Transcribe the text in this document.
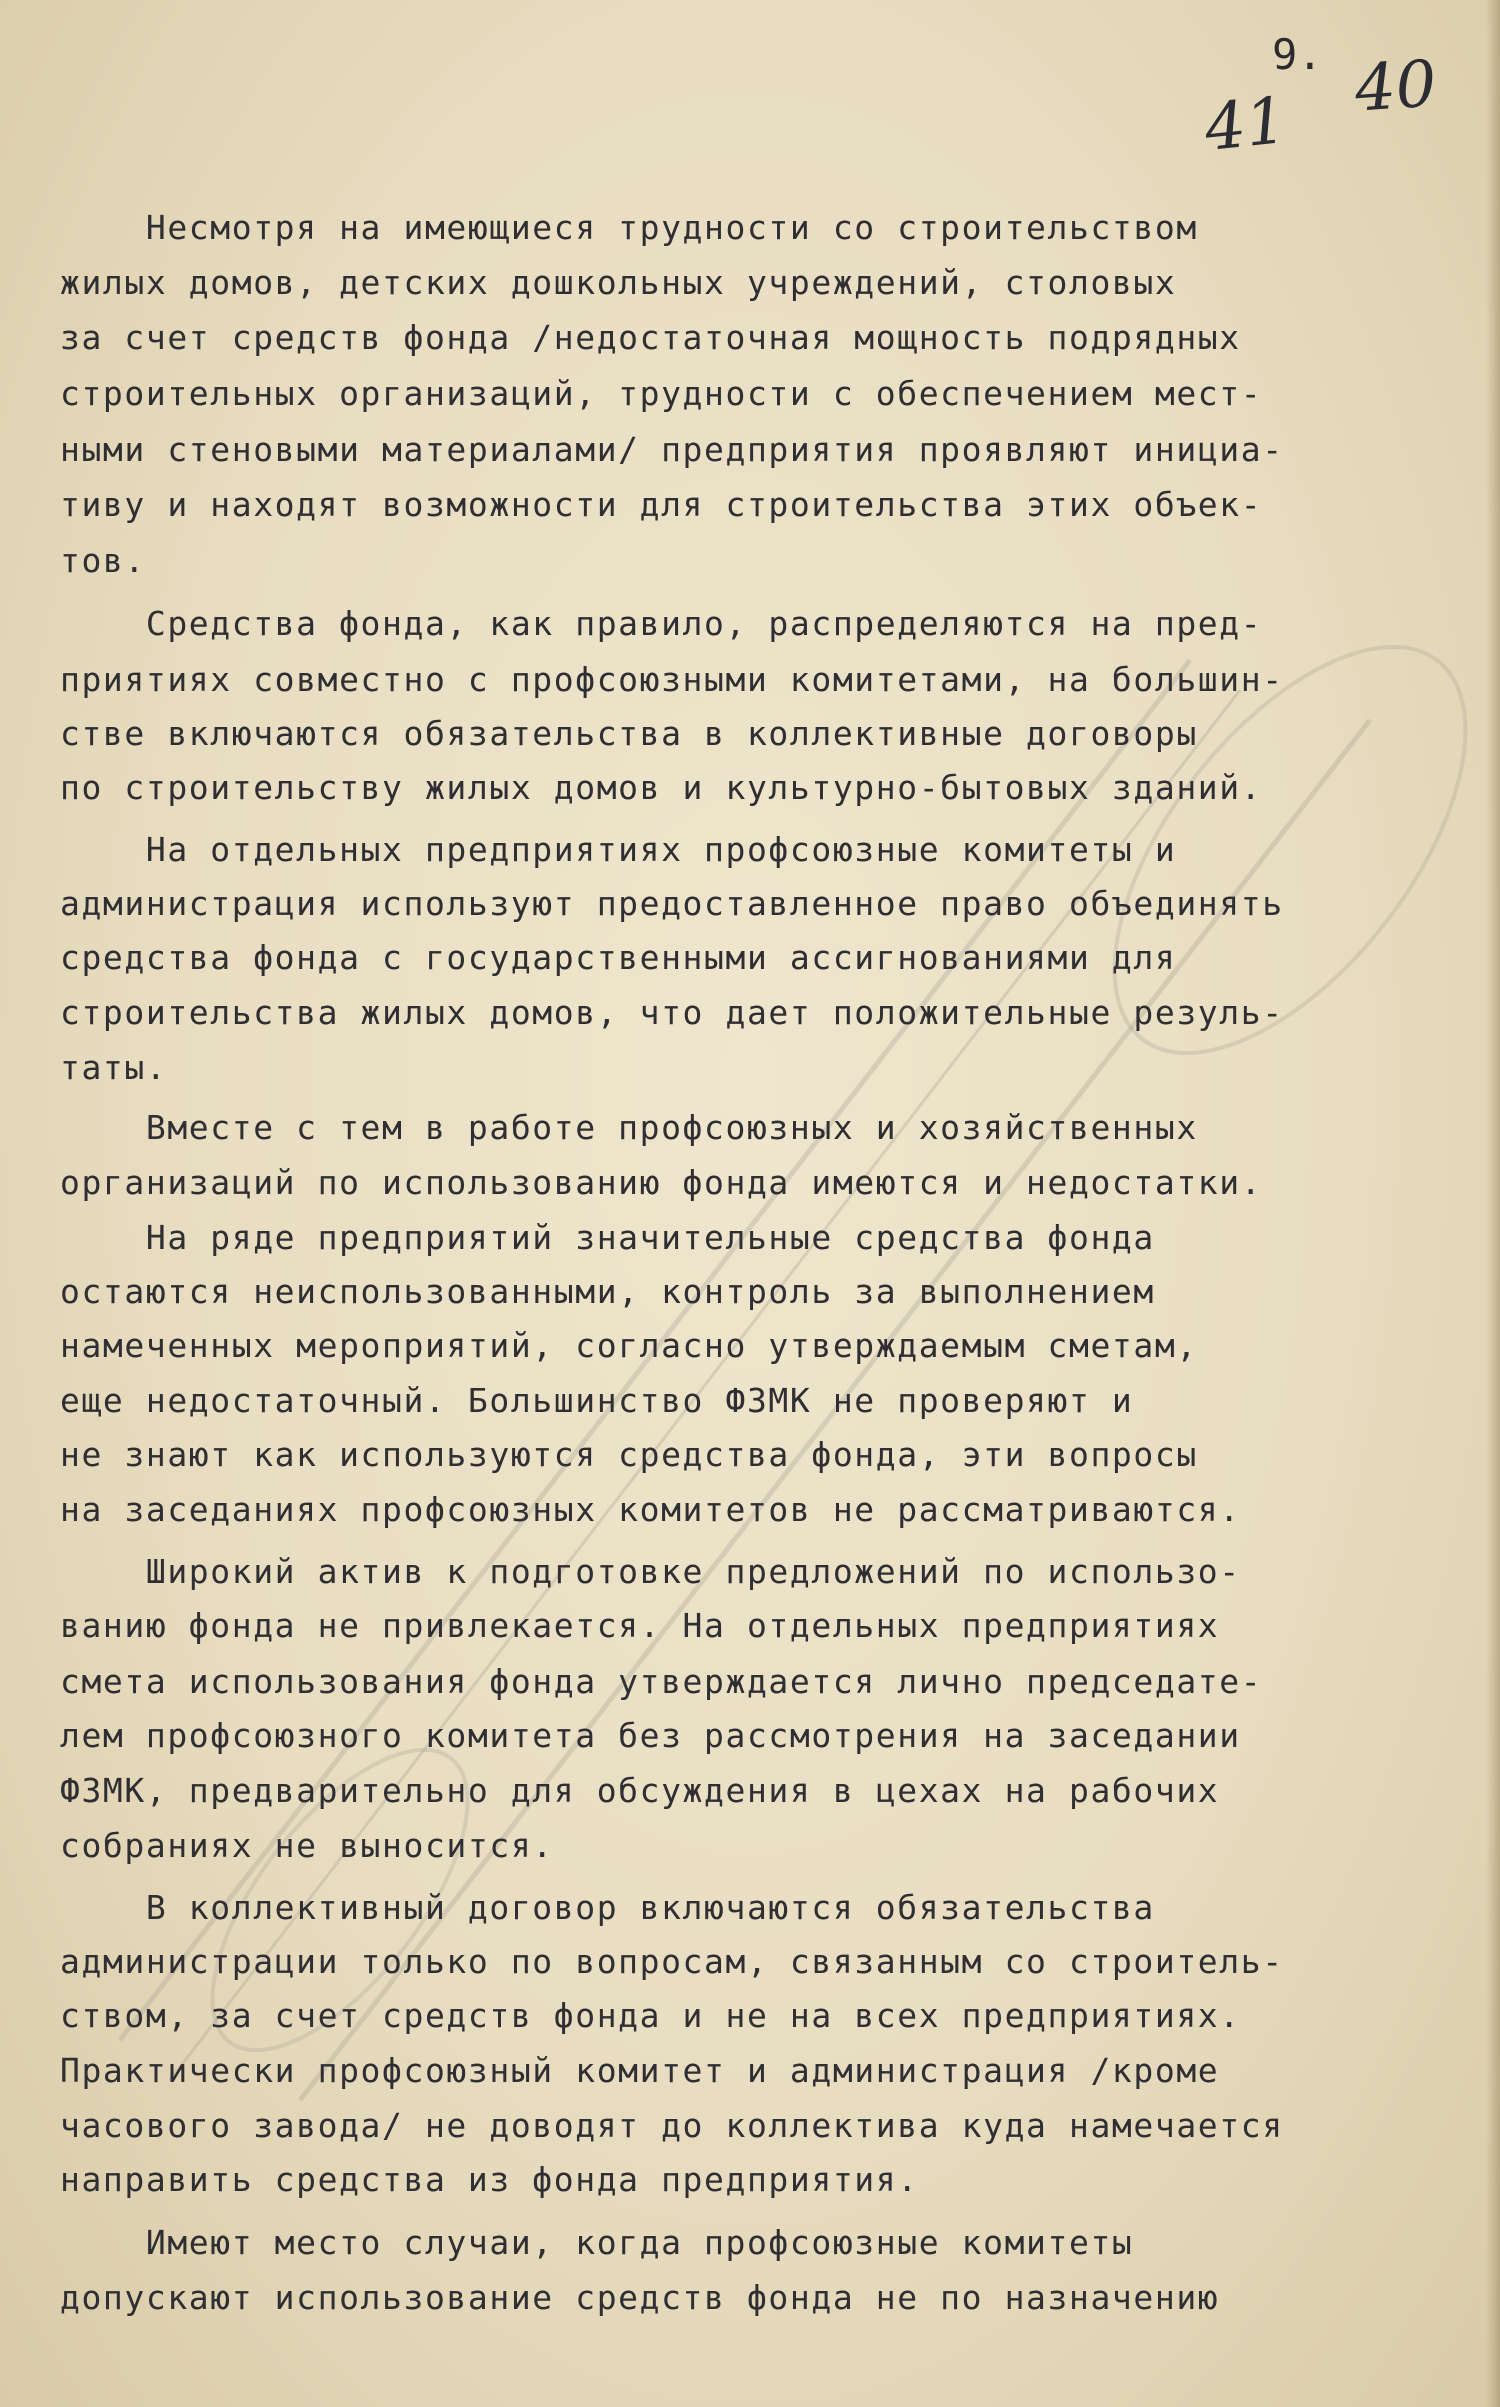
9.
41 40
Несмотря на имеющиеся трудности со строительством
жилых домов, детских дошкольных учреждений, столовых
за счет средств фонда /недостаточная мощность подрядных
строительных организаций, трудности с обеспечением мест-
ными стеновыми материалами/ предприятия проявляют инициа-
тиву и находят возможности для строительства этих объек-
тов.
Средства фонда, как правило, распределяются на пред-
приятиях совместно с профсоюзными комитетами, на большин-
стве включаются обязательства в коллективные договоры
по строительству жилых домов и культурно-бытовых зданий.
На отдельных предприятиях профсоюзные комитеты и
администрация используют предоставленное право объединять
средства фонда с государственными ассигнованиями для
строительства жилых домов, что дает положительные резуль-
таты.
Вместе с тем в работе профсоюзных и хозяйственных
организаций по использованию фонда имеются и недостатки.
На ряде предприятий значительные средства фонда
остаются неиспользованными, контроль за выполнением
намеченных мероприятий, согласно утверждаемым сметам,
еще недостаточный. Большинство ФЗМК не проверяют и
не знают как используются средства фонда, эти вопросы
на заседаниях профсоюзных комитетов не рассматриваются.
Широкий актив к подготовке предложений по использо-
ванию фонда не привлекается. На отдельных предприятиях
смета использования фонда утверждается лично председате-
лем профсоюзного комитета без рассмотрения на заседании
ФЗМК, предварительно для обсуждения в цехах на рабочих
собраниях не выносится.
В коллективный договор включаются обязательства
администрации только по вопросам, связанным со строитель-
ством, за счет средств фонда и не на всех предприятиях.
Практически профсоюзный комитет и администрация /кроме
часового завода/ не доводят до коллектива куда намечается
направить средства из фонда предприятия.
Имеют место случаи, когда профсоюзные комитеты
допускают использование средств фонда не по назначению
